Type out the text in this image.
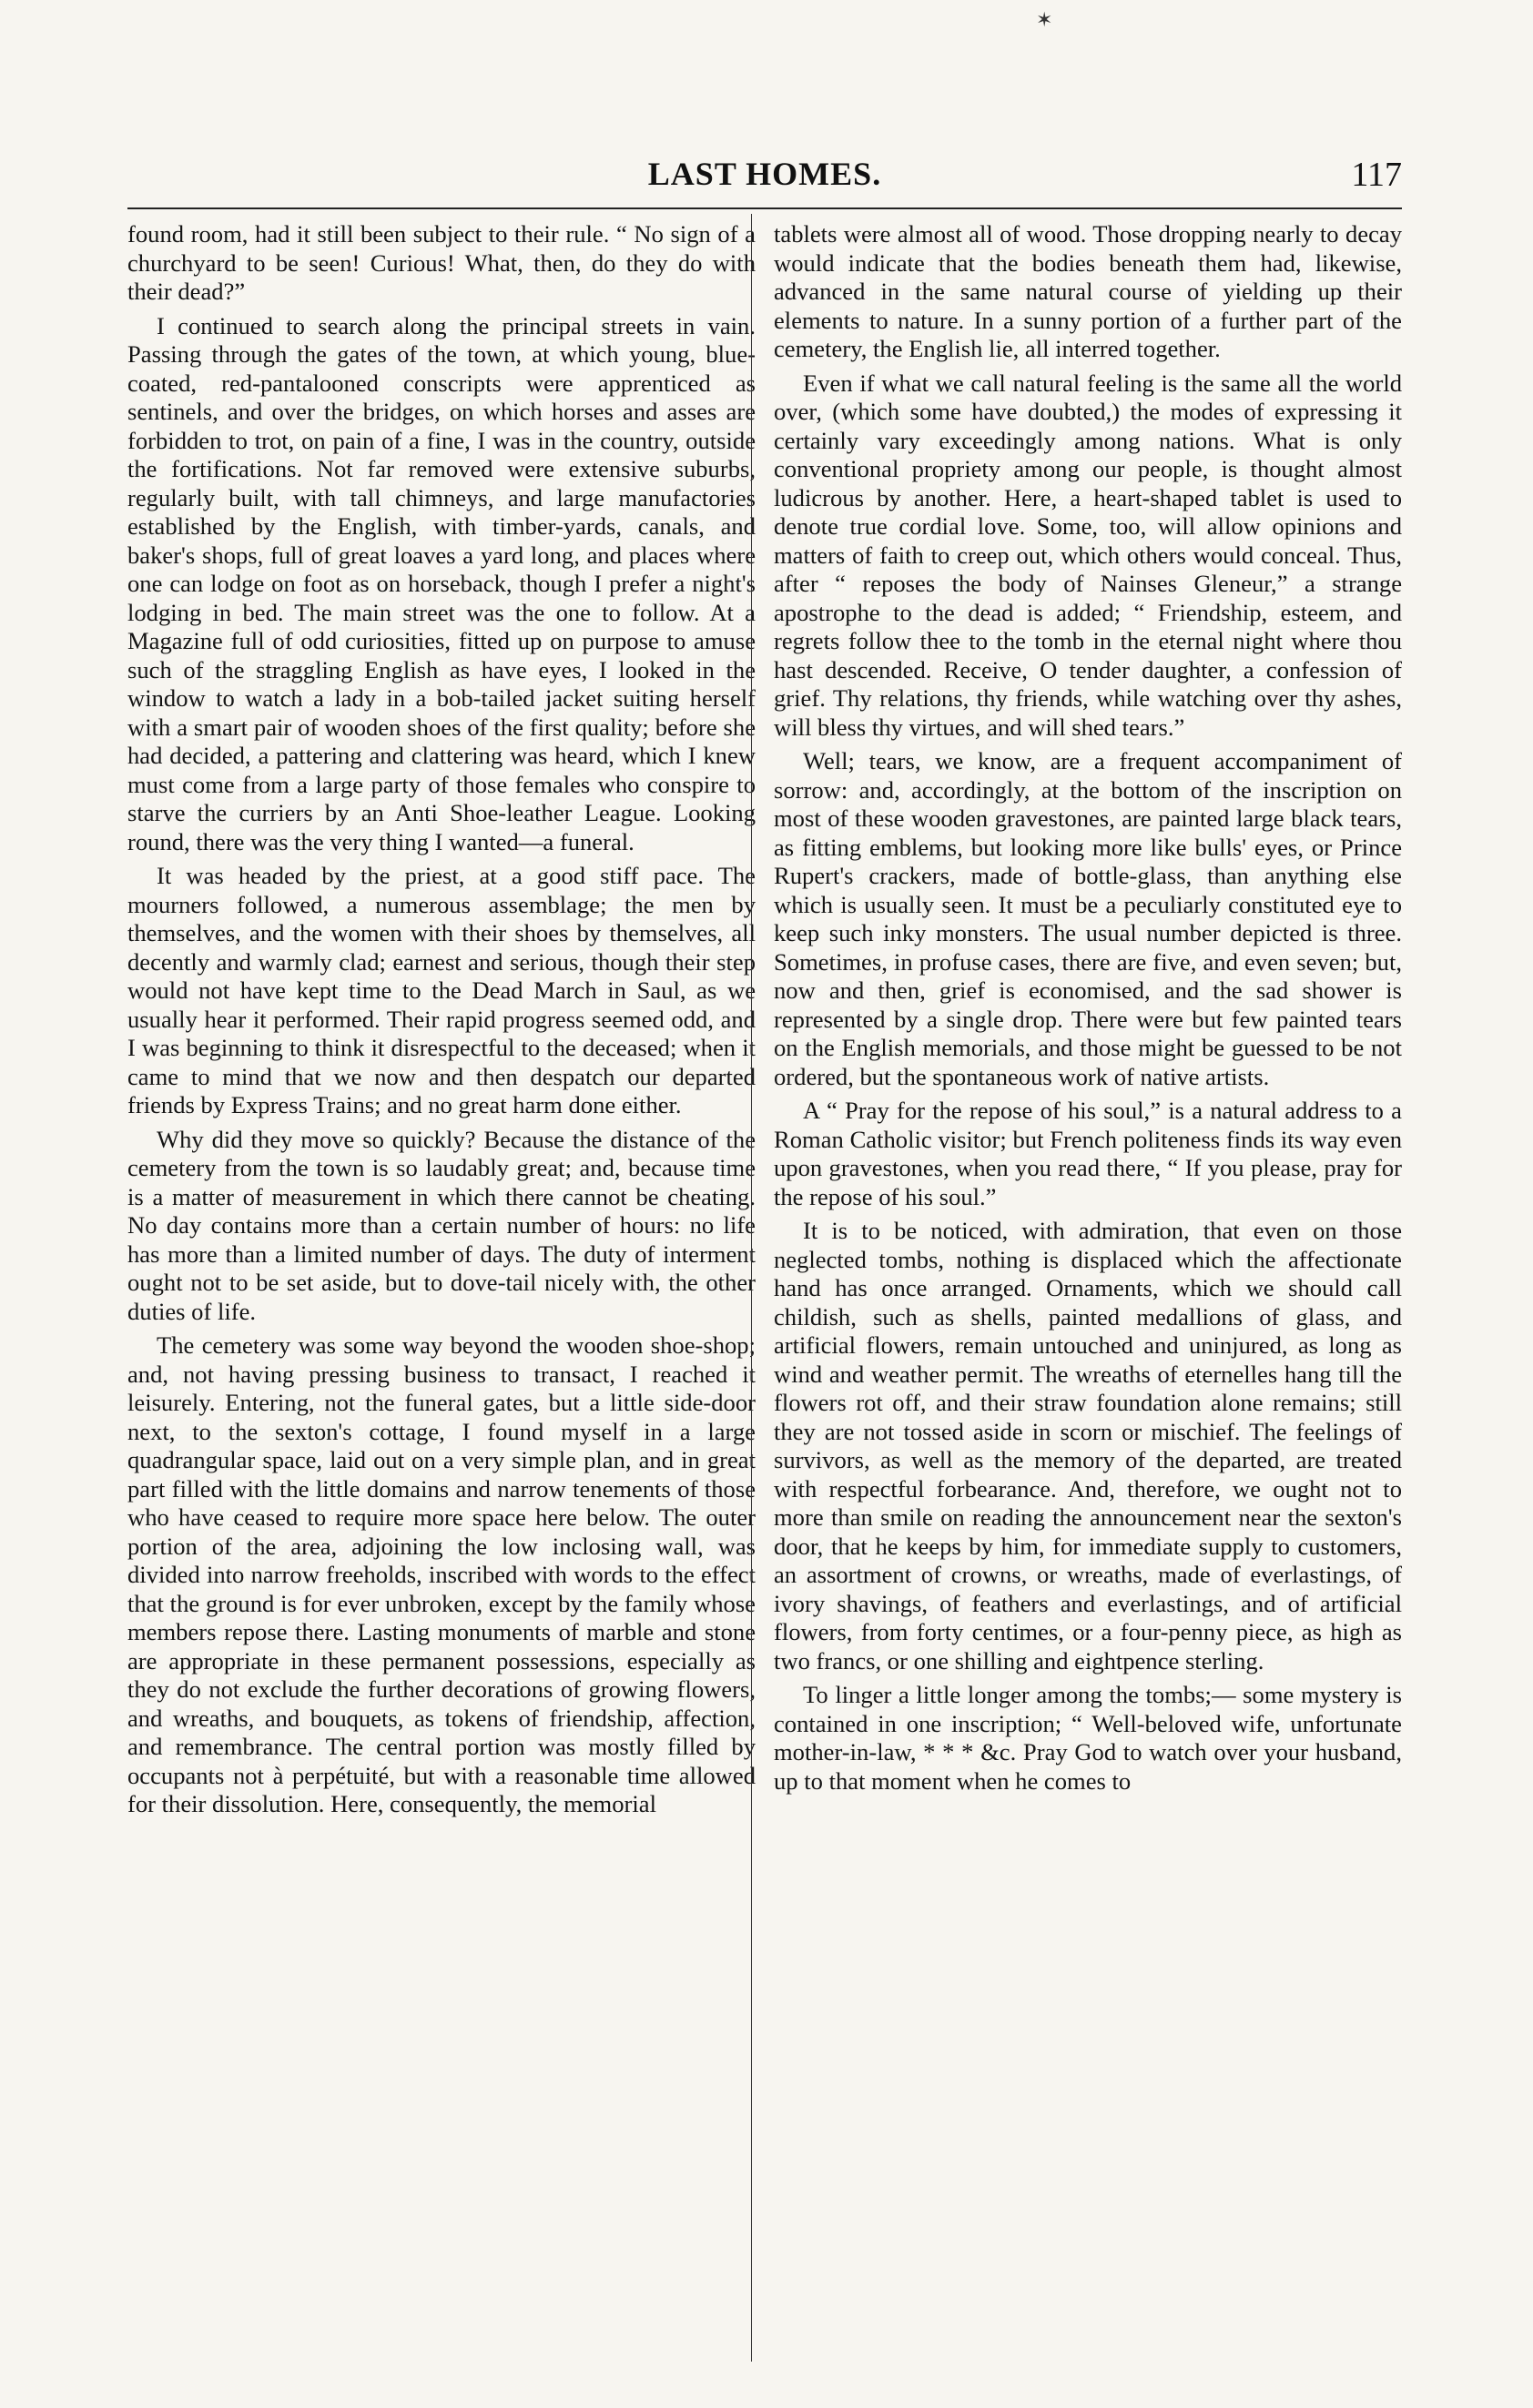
✶
LAST HOMES.	117

found room, had it still been subject to their rule. “ No sign of a churchyard to be seen! Curious! What, then, do they do with their dead?”

I continued to search along the principal streets in vain. Passing through the gates of the town, at which young, blue-coated, red-pantalooned conscripts were apprenticed as sentinels, and over the bridges, on which horses and asses are forbidden to trot, on pain of a fine, I was in the country, outside the fortifications. Not far removed were extensive suburbs, regularly built, with tall chimneys, and large manufactories established by the English, with timber-yards, canals, and baker's shops, full of great loaves a yard long, and places where one can lodge on foot as on horseback, though I prefer a night's lodging in bed. The main street was the one to follow. At a Magazine full of odd curiosities, fitted up on purpose to amuse such of the straggling English as have eyes, I looked in the window to watch a lady in a bob-tailed jacket suiting herself with a smart pair of wooden shoes of the first quality; before she had decided, a pattering and clattering was heard, which I knew must come from a large party of those females who conspire to starve the curriers by an Anti Shoe-leather League. Looking round, there was the very thing I wanted—a funeral.

It was headed by the priest, at a good stiff pace. The mourners followed, a numerous assemblage; the men by themselves, and the women with their shoes by themselves, all decently and warmly clad; earnest and serious, though their step would not have kept time to the Dead March in Saul, as we usually hear it performed. Their rapid progress seemed odd, and I was beginning to think it disrespectful to the deceased; when it came to mind that we now and then despatch our departed friends by Express Trains; and no great harm done either.

Why did they move so quickly? Because the distance of the cemetery from the town is so laudably great; and, because time is a matter of measurement in which there cannot be cheating. No day contains more than a certain number of hours: no life has more than a limited number of days. The duty of interment ought not to be set aside, but to dove-tail nicely with, the other duties of life.

The cemetery was some way beyond the wooden shoe-shop; and, not having pressing business to transact, I reached it leisurely. Entering, not the funeral gates, but a little side-door next, to the sexton's cottage, I found myself in a large quadrangular space, laid out on a very simple plan, and in great part filled with the little domains and narrow tenements of those who have ceased to require more space here below. The outer portion of the area, adjoining the low inclosing wall, was divided into narrow freeholds, inscribed with words to the effect that the ground is for ever unbroken, except by the family whose members repose there. Lasting monuments of marble and stone are appropriate in these permanent possessions, especially as they do not exclude the further decorations of growing flowers, and wreaths, and bouquets, as tokens of friendship, affection, and remembrance. The central portion was mostly filled by occupants not à perpétuité, but with a reasonable time allowed for their dissolution. Here, consequently, the memorial

tablets were almost all of wood. Those dropping nearly to decay would indicate that the bodies beneath them had, likewise, advanced in the same natural course of yielding up their elements to nature. In a sunny portion of a further part of the cemetery, the English lie, all interred together.

Even if what we call natural feeling is the same all the world over, (which some have doubted,) the modes of expressing it certainly vary exceedingly among nations. What is only conventional propriety among our people, is thought almost ludicrous by another. Here, a heart-shaped tablet is used to denote true cordial love. Some, too, will allow opinions and matters of faith to creep out, which others would conceal. Thus, after “ reposes the body of Nainses Gleneur,” a strange apostrophe to the dead is added; “ Friendship, esteem, and regrets follow thee to the tomb in the eternal night where thou hast descended. Receive, O tender daughter, a confession of grief. Thy relations, thy friends, while watching over thy ashes, will bless thy virtues, and will shed tears.”

Well; tears, we know, are a frequent accompaniment of sorrow: and, accordingly, at the bottom of the inscription on most of these wooden gravestones, are painted large black tears, as fitting emblems, but looking more like bulls' eyes, or Prince Rupert's crackers, made of bottle-glass, than anything else which is usually seen. It must be a peculiarly constituted eye to keep such inky monsters. The usual number depicted is three. Sometimes, in profuse cases, there are five, and even seven; but, now and then, grief is economised, and the sad shower is represented by a single drop. There were but few painted tears on the English memorials, and those might be guessed to be not ordered, but the spontaneous work of native artists.

A “ Pray for the repose of his soul,” is a natural address to a Roman Catholic visitor; but French politeness finds its way even upon gravestones, when you read there, “ If you please, pray for the repose of his soul.”

It is to be noticed, with admiration, that even on those neglected tombs, nothing is displaced which the affectionate hand has once arranged. Ornaments, which we should call childish, such as shells, painted medallions of glass, and artificial flowers, remain untouched and uninjured, as long as wind and weather permit. The wreaths of eternelles hang till the flowers rot off, and their straw foundation alone remains; still they are not tossed aside in scorn or mischief. The feelings of survivors, as well as the memory of the departed, are treated with respectful forbearance. And, therefore, we ought not to more than smile on reading the announcement near the sexton's door, that he keeps by him, for immediate supply to customers, an assortment of crowns, or wreaths, made of everlastings, of ivory shavings, of feathers and everlastings, and of artificial flowers, from forty centimes, or a four-penny piece, as high as two francs, or one shilling and eightpence sterling.

To linger a little longer among the tombs;— some mystery is contained in one inscription; “ Well-beloved wife, unfortunate mother-in-law, * * * &c. Pray God to watch over your husband, up to that moment when he comes to
